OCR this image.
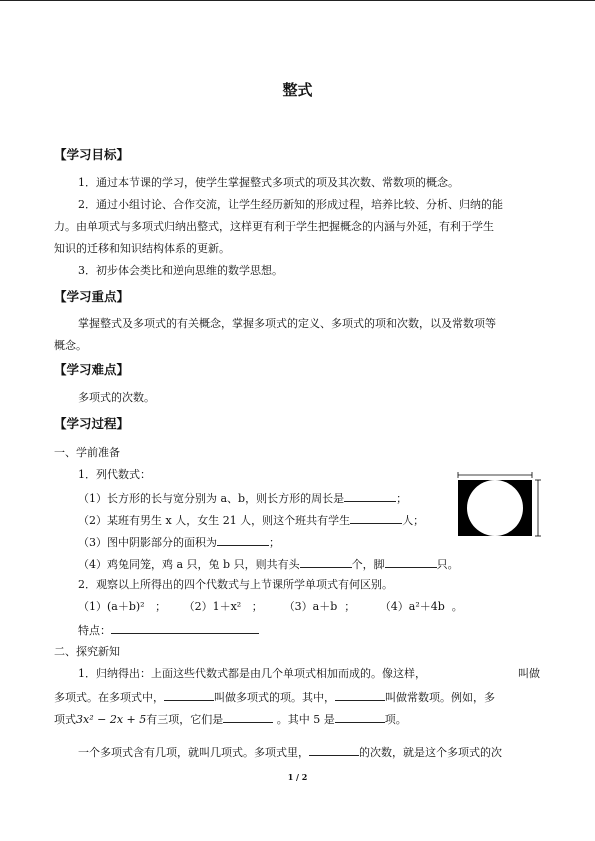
整式
【学习目标】
1．通过本节课的学习，使学生掌握整式多项式的项及其次数、常数项的概念。
2．通过小组讨论、合作交流，让学生经历新知的形成过程，培养比较、分析、归纳的能
力。由单项式与多项式归纳出整式，这样更有利于学生把握概念的内涵与外延，有利于学生
知识的迁移和知识结构体系的更新。
3．初步体会类比和逆向思维的数学思想。
【学习重点】
掌握整式及多项式的有关概念，掌握多项式的定义、多项式的项和次数，以及常数项等
概念。
【学习难点】
多项式的次数。
【学习过程】
一、学前准备
1．列代数式：
（1）长方形的长与宽分别为 a、b，则长方形的周长是	；
（2）某班有男生 x 人，女生 21 人，则这个班共有学生	人；
（3）图中阴影部分的面积为	；
（4）鸡兔同笼，鸡 a 只，兔 b 只，则共有头	个，脚	只。
2．观察以上所得出的四个代数式与上节课所学单项式有何区别。
（1）(a＋b)² ； （2）1＋x² ； （3）a＋b ； （4）a²＋4b 。
特点：
二、探究新知
1．归纳得出：上面这些代数式都是由几个单项式相加而成的。像这样，	叫做
多项式。在多项式中，	叫做多项式的项。其中，	叫做常数项。例如，多
项式3x² − 2x + 5有三项，它们是	。其中 5 是	项。
一个多项式含有几项，就叫几项式。多项式里，	的次数，就是这个多项式的次
1 / 2
